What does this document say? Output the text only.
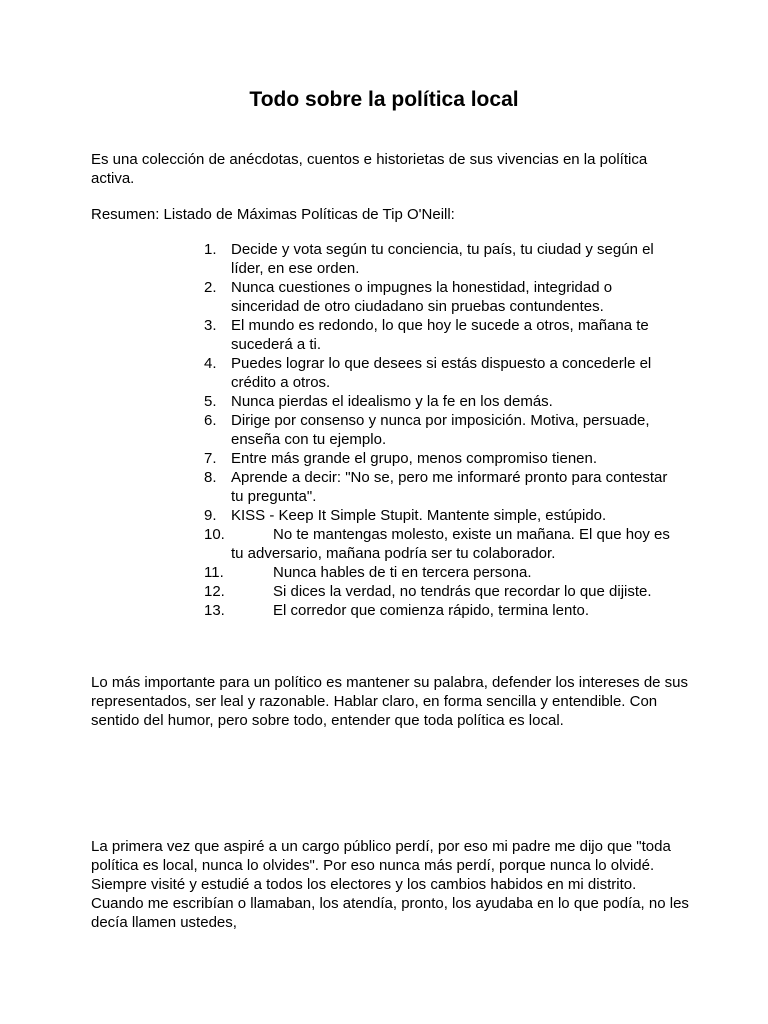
Todo sobre la política local

Es una colección de anécdotas, cuentos e historietas de sus vivencias en la política activa.

Resumen: Listado de Máximas Políticas de Tip O'Neill:

1. Decide y vota según tu conciencia, tu país, tu ciudad y según el líder, en ese orden.
2. Nunca cuestiones o impugnes la honestidad, integridad o sinceridad de otro ciudadano sin pruebas contundentes.
3. El mundo es redondo, lo que hoy le sucede a otros, mañana te sucederá a ti.
4. Puedes lograr lo que desees si estás dispuesto a concederle el crédito a otros.
5. Nunca pierdas el idealismo y la fe en los demás.
6. Dirige por consenso y nunca por imposición. Motiva, persuade, enseña con tu ejemplo.
7. Entre más grande el grupo, menos compromiso tienen.
8. Aprende a decir: "No se, pero me informaré pronto para contestar tu pregunta".
9. KISS - Keep It Simple Stupit. Mantente simple, estúpido.
10.	No te mantengas molesto, existe un mañana. El que hoy es tu adversario, mañana podría ser tu colaborador.
11.	Nunca hables de ti en tercera persona.
12.	Si dices la verdad, no tendrás que recordar lo que dijiste.
13.	El corredor que comienza rápido, termina lento.

Lo más importante para un político es mantener su palabra, defender los intereses de sus representados, ser leal y razonable. Hablar claro, en forma sencilla y entendible. Con sentido del humor, pero sobre todo, entender que toda política es local.

La primera vez que aspiré a un cargo público perdí, por eso mi padre me dijo que "toda política es local, nunca lo olvides". Por eso nunca más perdí, porque nunca lo olvidé. Siempre visité y estudié a todos los electores y los cambios habidos en mi distrito. Cuando me escribían o llamaban, los atendía, pronto, los ayudaba en lo que podía, no les decía llamen ustedes,
